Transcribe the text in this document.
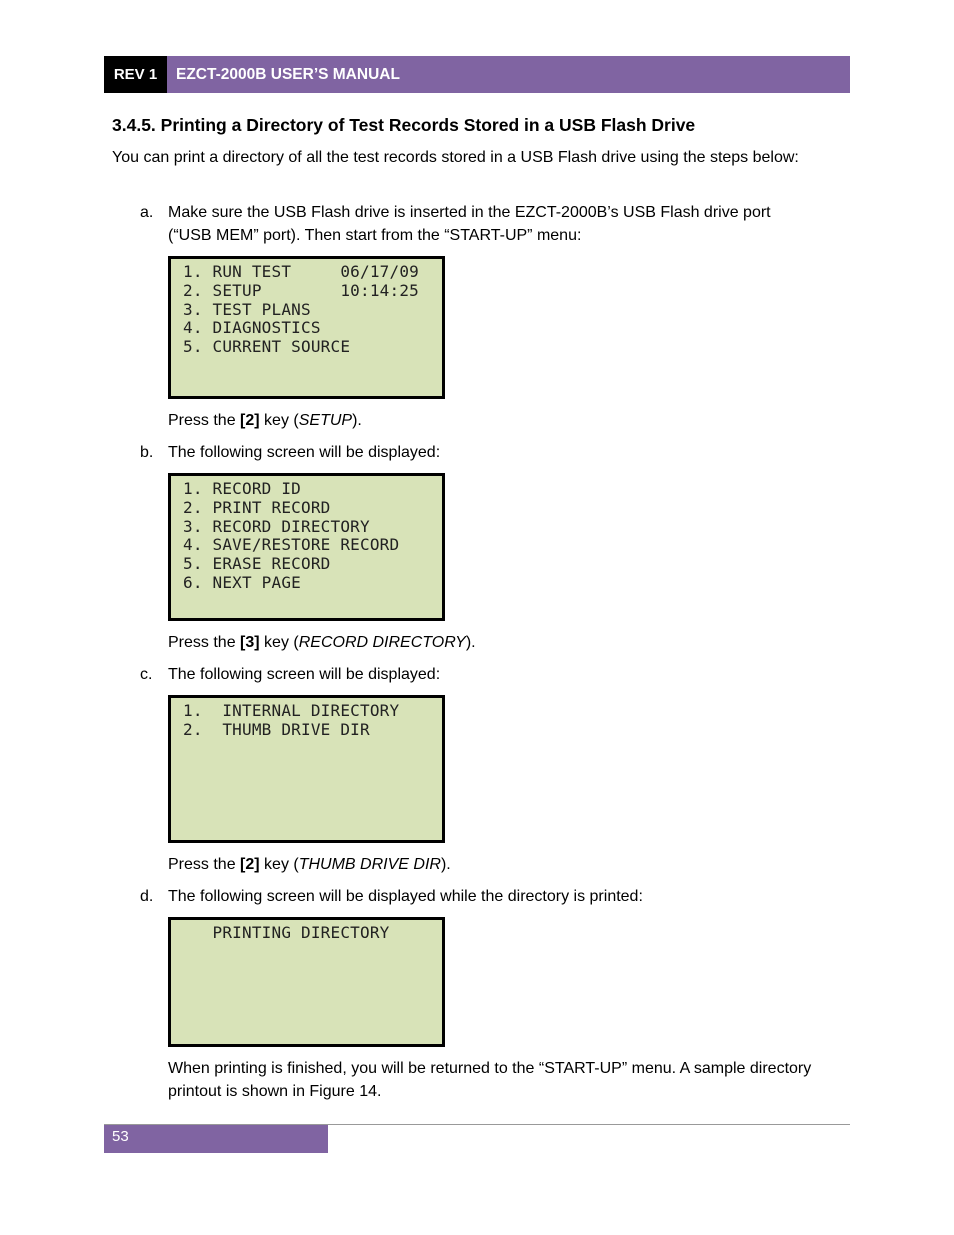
REV 1	EZCT-2000B USER’S MANUAL
3.4.5. Printing a Directory of Test Records Stored in a USB Flash Drive
You can print a directory of all the test records stored in a USB Flash drive using the steps below:
a. Make sure the USB Flash drive is inserted in the EZCT-2000B’s USB Flash drive port (“USB MEM” port). Then start from the “START-UP” menu:
1. RUN TEST     06/17/09
2. SETUP        10:14:25
3. TEST PLANS
4. DIAGNOSTICS
5. CURRENT SOURCE
Press the [2] key (SETUP).
b. The following screen will be displayed:
1. RECORD ID
2. PRINT RECORD
3. RECORD DIRECTORY
4. SAVE/RESTORE RECORD
5. ERASE RECORD
6. NEXT PAGE
Press the [3] key (RECORD DIRECTORY).
c. The following screen will be displayed:
1.  INTERNAL DIRECTORY
2.  THUMB DRIVE DIR
Press the [2] key (THUMB DRIVE DIR).
d. The following screen will be displayed while the directory is printed:
PRINTING DIRECTORY
When printing is finished, you will be returned to the “START-UP” menu. A sample directory printout is shown in Figure 14.
53
